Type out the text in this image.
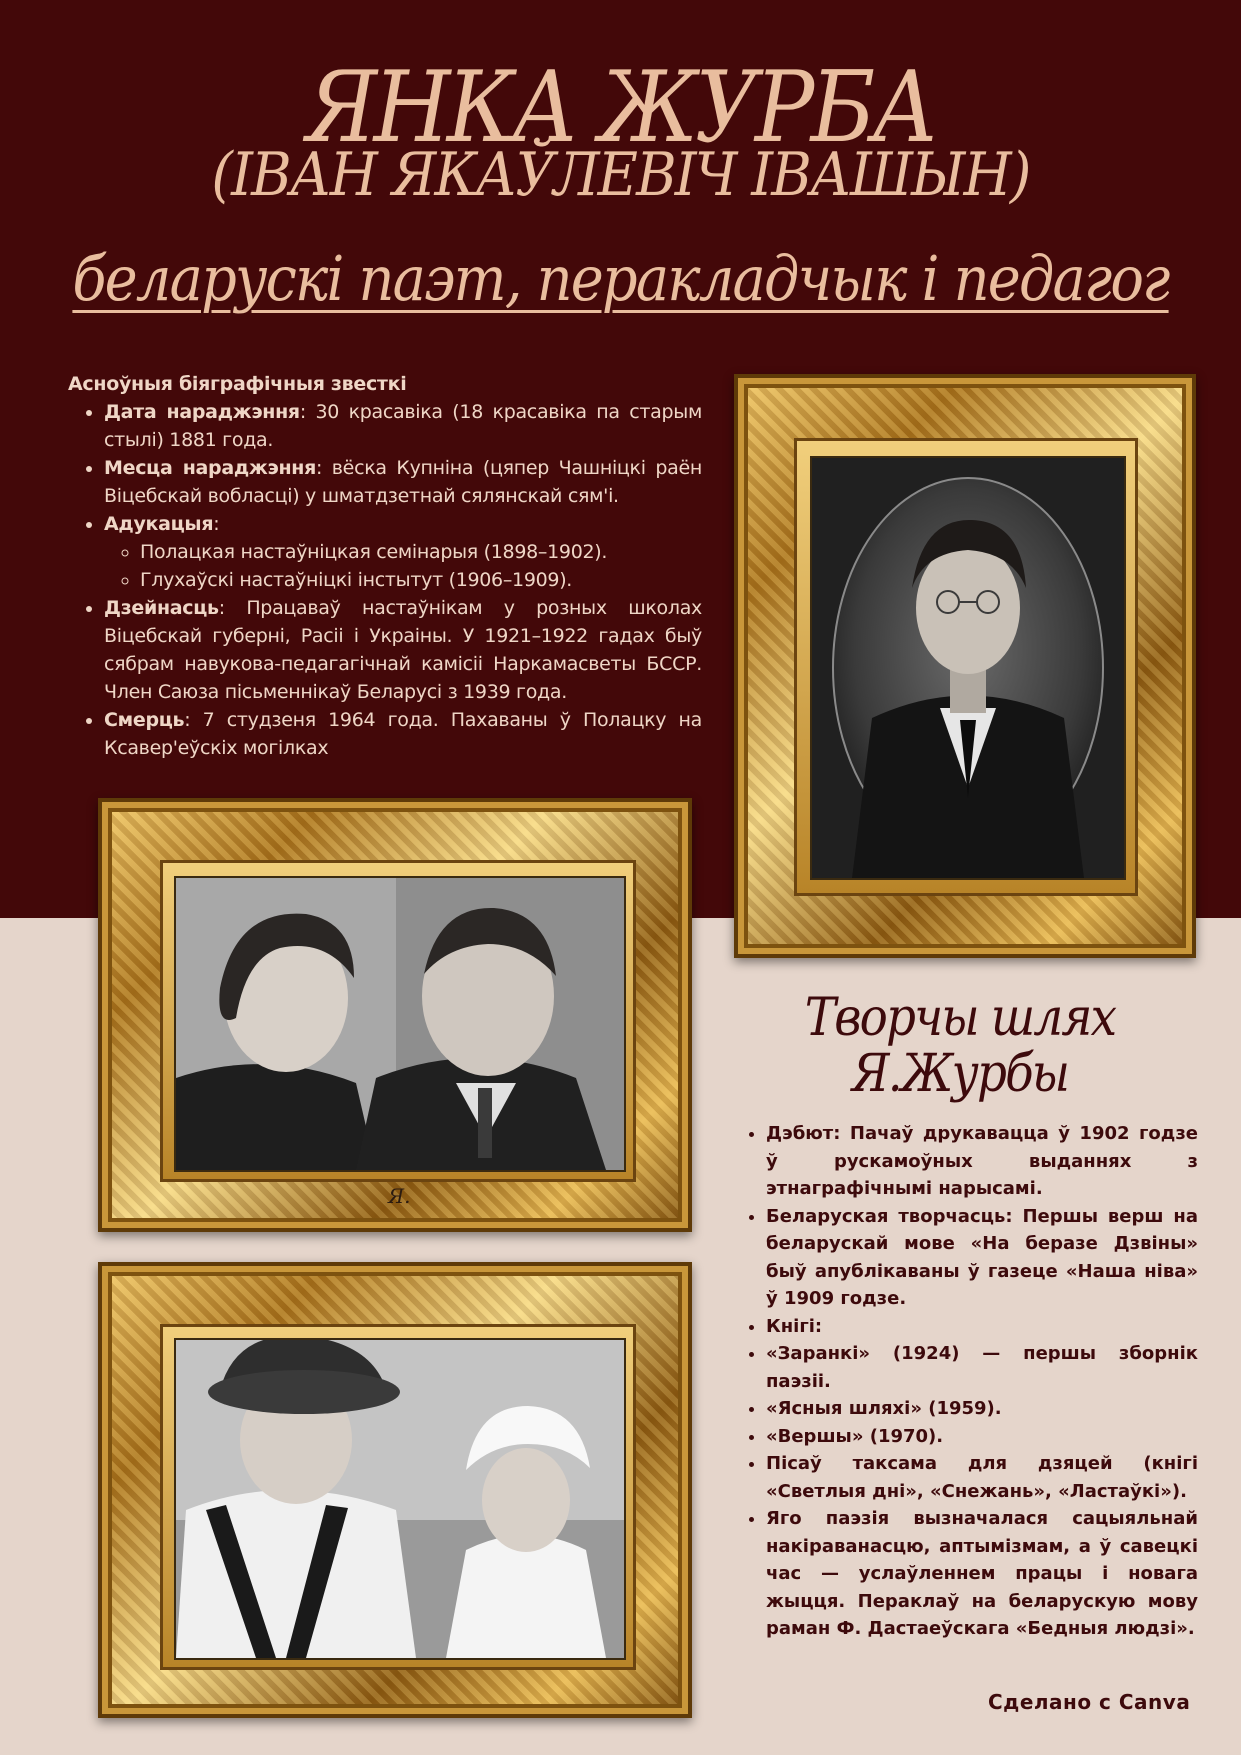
ЯНКА ЖУРБА
(ІВАН ЯКАЎЛЕВІЧ ІВАШЫН)
беларускі паэт, перакладчык і педагог
Асноўныя біяграфічныя звесткі
• Дата нараджэння: 30 красавіка (18 красавіка па старым стылі) 1881 года.
• Месца нараджэння: вёска Купніна (цяпер Чашніцкі раён Віцебскай вобласці) у шматдзетнай сялянскай сям'і.
• Адукацыя:
◦ Полацкая настаўніцкая семінарыя (1898–1902).
◦ Глухаўскі настаўніцкі інстытут (1906–1909).
• Дзейнасць: Працаваў настаўнікам у розных школах Віцебскай губерні, Расіі і Украіны. У 1921–1922 гадах быў сябрам навукова-педагагічнай камісіі Наркамасветы БССР. Член Саюза пісьменнікаў Беларусі з 1939 года.
• Смерць: 7 студзеня 1964 года. Пахаваны ў Полацку на Ксавер'еўскіх могілках
Я.
Творчы шлях
Я.Журбы
• Дэбют: Пачаў друкавацца ў 1902 годзе ў рускамоўных выданнях з этнаграфічнымі нарысамі.
• Беларуская творчасць: Першы верш на беларускай мове «На беразе Дзвіны» быў апублікаваны ў газеце «Наша ніва» ў 1909 годзе.
• Кнігі:
• «Заранкі» (1924) — першы зборнік паэзіі.
• «Ясныя шляхі» (1959).
• «Вершы» (1970).
• Пісаў таксама для дзяцей (кнігі «Светлыя дні», «Снежань», «Ластаўкі»).
• Яго паэзія вызначалася сацыяльнай накіраванасцю, аптымізмам, а ў савецкі час — услаўленнем працы і новага жыцця. Пераклаў на беларускую мову раман Ф. Дастаеўскага «Бедныя людзі».
Сделано с Canva
